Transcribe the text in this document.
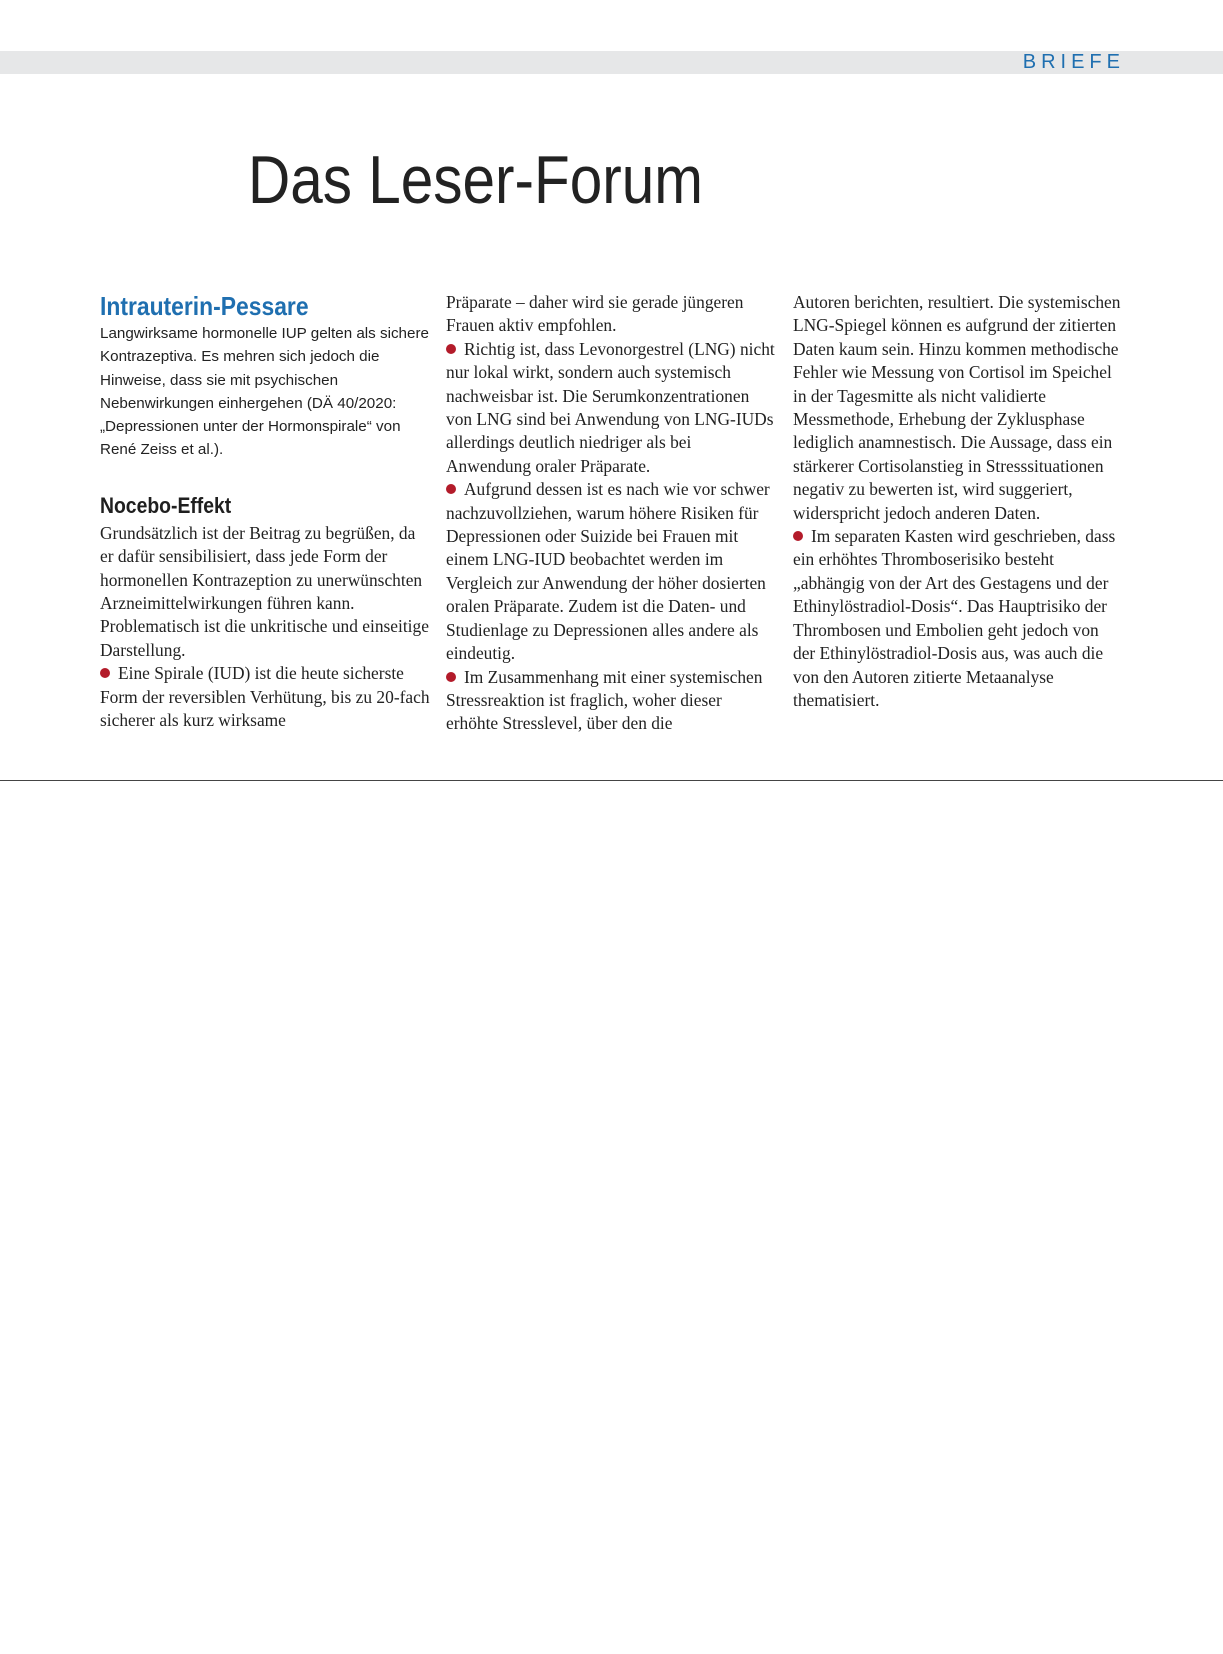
BRIEFE
Das Leser-Forum
Intrauterin-Pessare

Langwirksame hormonelle IUP gelten als sichere Kontrazeptiva. Es mehren sich jedoch die Hinweise, dass sie mit psychischen Nebenwirkungen einhergehen (DÄ 40/2020: „Depressionen unter der Hormonspirale“ von René Zeiss et al.).

Nocebo-Effekt

Grundsätzlich ist der Beitrag zu begrüßen, da er dafür sensibilisiert, dass jede Form der hormonellen Kontrazeption zu unerwünschten Arzneimittelwirkungen führen kann. Problematisch ist die unkritische und einseitige Darstellung.

Eine Spirale (IUD) ist die heute sicherste Form der reversiblen Verhütung, bis zu 20-fach sicherer als kurz wirksame

Präparate – daher wird sie gerade jüngeren Frauen aktiv empfohlen.

Richtig ist, dass Levonorgestrel (LNG) nicht nur lokal wirkt, sondern auch systemisch nachweisbar ist. Die Serumkonzentrationen von LNG sind bei Anwendung von LNG-IUDs allerdings deutlich niedriger als bei Anwendung oraler Präparate.

Aufgrund dessen ist es nach wie vor schwer nachzuvollziehen, warum höhere Risiken für Depressionen oder Suizide bei Frauen mit einem LNG-IUD beobachtet werden im Vergleich zur Anwendung der höher dosierten oralen Präparate. Zudem ist die Daten- und Studienlage zu Depressionen alles andere als eindeutig.

Im Zusammenhang mit einer systemischen Stressreaktion ist fraglich, woher dieser erhöhte Stresslevel, über den die

Autoren berichten, resultiert. Die systemischen LNG-Spiegel können es aufgrund der zitierten Daten kaum sein. Hinzu kommen methodische Fehler wie Messung von Cortisol im Speichel in der Tagesmitte als nicht validierte Messmethode, Erhebung der Zyklusphase lediglich anamnestisch. Die Aussage, dass ein stärkerer Cortisolanstieg in Stresssituationen negativ zu bewerten ist, wird suggeriert, widerspricht jedoch anderen Daten.

Im separaten Kasten wird geschrieben, dass ein erhöhtes Thromboserisiko besteht „abhängig von der Art des Gestagens und der Ethinylöstradiol-Dosis“. Das Hauptrisiko der Thrombosen und Embolien geht jedoch von der Ethinylöstradiol-Dosis aus, was auch die von den Autoren zitierte Metaanalyse thematisiert.
